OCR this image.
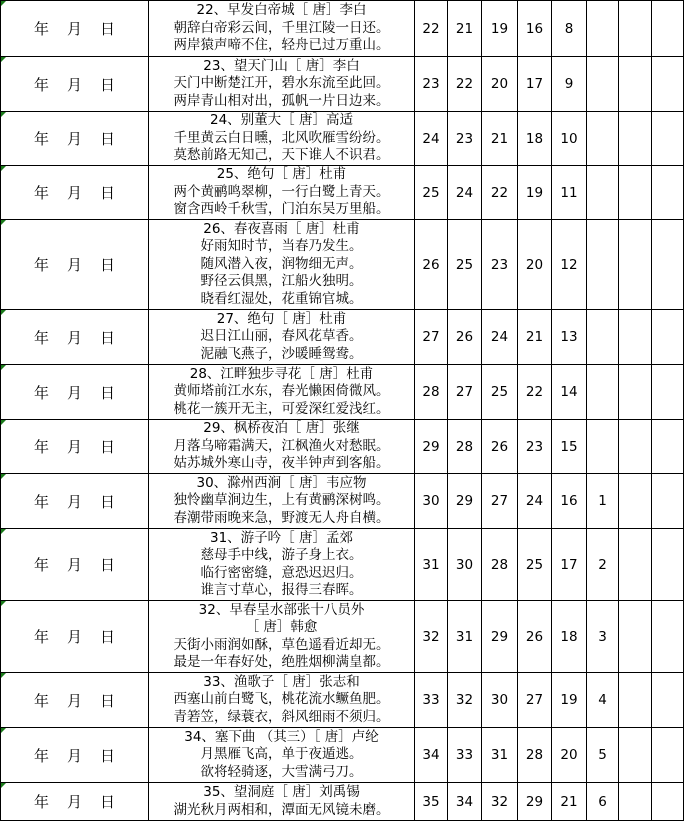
年 月 日	22、早发白帝城［ 唐］李白
朝辞白帝彩云间，千里江陵一日还。
两岸猿声啼不住，轻舟已过万重山。	22	21	19	16	8			
年 月 日	23、望天门山［ 唐］李白
天门中断楚江开，碧水东流至此回。
两岸青山相对出，孤帆一片日边来。	23	22	20	17	9			
年 月 日	24、别董大［ 唐］高适
千里黄云白日曛，北风吹雁雪纷纷。
莫愁前路无知己，天下谁人不识君。	24	23	21	18	10			
年 月 日	25、绝句［ 唐］杜甫
两个黄鹂鸣翠柳，一行白鹭上青天。
窗含西岭千秋雪，门泊东吴万里船。	25	24	22	19	11			
年 月 日	26、春夜喜雨［ 唐］杜甫
好雨知时节，当春乃发生。
随风潜入夜，润物细无声。
野径云俱黑，江船火独明。
晓看红湿处，花重锦官城。	26	25	23	20	12			
年 月 日	27、绝句［ 唐］杜甫
迟日江山丽，春风花草香。
泥融飞燕子，沙暖睡鸳鸯。	27	26	24	21	13			
年 月 日	28、江畔独步寻花［ 唐］杜甫
黄师塔前江水东，春光懒困倚微风。
桃花一簇开无主，可爱深红爱浅红。	28	27	25	22	14			
年 月 日	29、枫桥夜泊［ 唐］张继
月落乌啼霜满天，江枫渔火对愁眠。
姑苏城外寒山寺，夜半钟声到客船。	29	28	26	23	15			
年 月 日	30、滁州西涧［ 唐］韦应物
独怜幽草涧边生，上有黄鹂深树鸣。
春潮带雨晚来急，野渡无人舟自横。	30	29	27	24	16	1		
年 月 日	31、游子吟［ 唐］孟郊
慈母手中线，游子身上衣。
临行密密缝，意恐迟迟归。
谁言寸草心，报得三春晖。	31	30	28	25	17	2		
年 月 日	32、早春呈水部张十八员外
［ 唐］韩愈
天街小雨润如酥，草色遥看近却无。
最是一年春好处，绝胜烟柳满皇都。	32	31	29	26	18	3		
年 月 日	33、渔歌子［ 唐］张志和
西塞山前白鹭飞，桃花流水鳜鱼肥。
青箬笠，绿蓑衣，斜风细雨不须归。	33	32	30	27	19	4		
年 月 日	34、塞下曲 （其三）［ 唐］卢纶
月黑雁飞高，单于夜遁逃。
欲将轻骑逐，大雪满弓刀。	34	33	31	28	20	5		
年 月 日	35、望洞庭［ 唐］刘禹锡
湖光秋月两相和，潭面无风镜未磨。	35	34	32	29	21	6		
